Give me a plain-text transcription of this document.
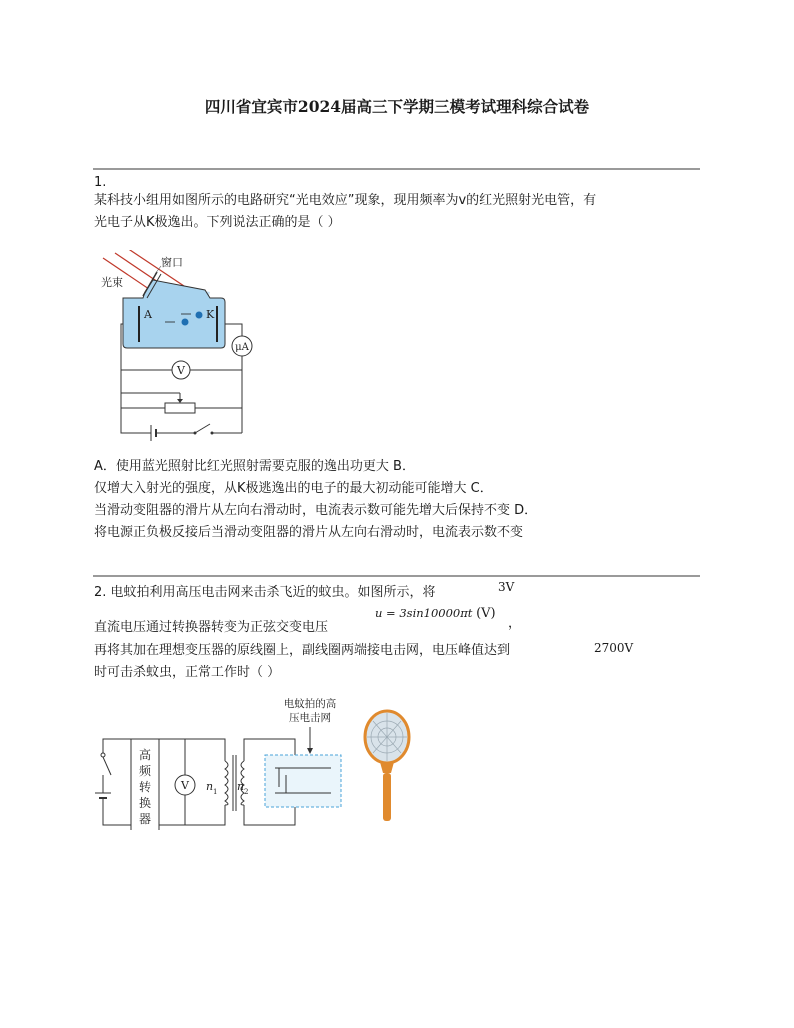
四川省宜宾市2024届高三下学期三模考试理科综合试卷
1.
某科技小组用如图所示的电路研究“光电效应”现象，现用频率为v的红光照射光电管，有
光电子从K极逸出。下列说法正确的是（ ）
窗口
光束
A	K
μA
V
A．使用蓝光照射比红光照射需要克服的逸出功更大 B．
仅增大入射光的强度，从K极逃逸出的电子的最大初动能可能增大 C．
当滑动变阻器的滑片从左向右滑动时，电流表示数可能先增大后保持不变 D．
将电源正负极反接后当滑动变阻器的滑片从左向右滑动时，电流表示数不变
2. 电蚊拍利用高压电击网来击杀飞近的蚊虫。如图所示，将	3V
直流电压通过转换器转变为正弦交变电压
u = 3sin10000πt (V)
，
再将其加在理想变压器的原线圈上，副线圈两端接电击网，电压峰值达到	2700V
时可击杀蚊虫，正常工作时（ ）
高
频
转
换
器
V n 1 n 2
电蚊拍的高
压电击网
